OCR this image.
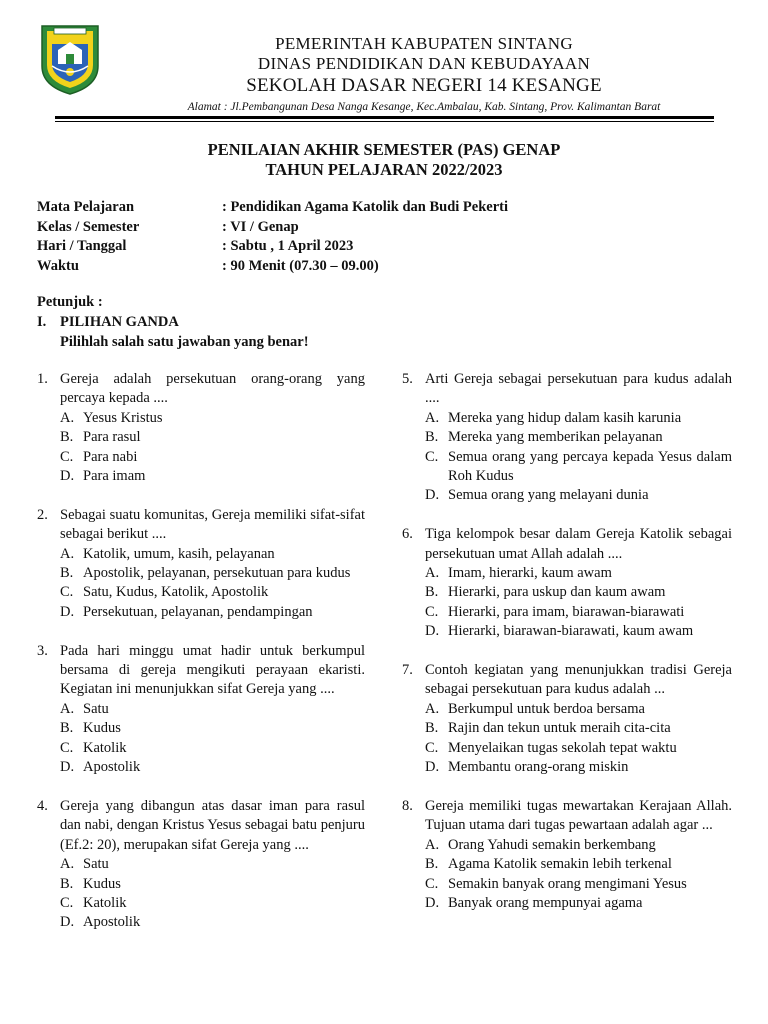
PEMERINTAH KABUPATEN SINTANG
DINAS PENDIDIKAN DAN KEBUDAYAAN
SEKOLAH DASAR NEGERI 14 KESANGE
Alamat : Jl.Pembangunan Desa Nanga Kesange, Kec.Ambalau, Kab. Sintang, Prov. Kalimantan Barat
PENILAIAN AKHIR SEMESTER (PAS) GENAP
TAHUN PELAJARAN 2022/2023
Mata Pelajaran	: Pendidikan Agama Katolik dan Budi Pekerti
Kelas / Semester	: VI / Genap
Hari / Tanggal	: Sabtu , 1 April 2023
Waktu	: 90 Menit (07.30 – 09.00)
Petunjuk :
I. PILIHAN GANDA
Pilihlah salah satu jawaban yang benar!
1. Gereja adalah persekutuan orang-orang yang percaya kepada ....
A. Yesus Kristus
B. Para rasul
C. Para nabi
D. Para imam
2. Sebagai suatu komunitas, Gereja memiliki sifat-sifat sebagai berikut ....
A. Katolik, umum, kasih, pelayanan
B. Apostolik, pelayanan, persekutuan para kudus
C. Satu, Kudus, Katolik, Apostolik
D. Persekutuan, pelayanan, pendampingan
3. Pada hari minggu umat hadir untuk berkumpul bersama di gereja mengikuti perayaan ekaristi. Kegiatan ini menunjukkan sifat Gereja yang ....
A. Satu
B. Kudus
C. Katolik
D. Apostolik
4. Gereja yang dibangun atas dasar iman para rasul dan nabi, dengan Kristus Yesus sebagai batu penjuru (Ef.2: 20), merupakan sifat Gereja yang ....
A. Satu
B. Kudus
C. Katolik
D. Apostolik
5. Arti Gereja sebagai persekutuan para kudus adalah ....
A. Mereka yang hidup dalam kasih karunia
B. Mereka yang memberikan pelayanan
C. Semua orang yang percaya kepada Yesus dalam Roh Kudus
D. Semua orang yang melayani dunia
6. Tiga kelompok besar dalam Gereja Katolik sebagai persekutuan umat Allah adalah ....
A. Imam, hierarki, kaum awam
B. Hierarki, para uskup dan kaum awam
C. Hierarki, para imam, biarawan-biarawati
D. Hierarki, biarawan-biarawati, kaum awam
7. Contoh kegiatan yang menunjukkan tradisi Gereja sebagai persekutuan para kudus adalah ...
A. Berkumpul untuk berdoa bersama
B. Rajin dan tekun untuk meraih cita-cita
C. Menyelaikan tugas sekolah tepat waktu
D. Membantu orang-orang miskin
8. Gereja memiliki tugas mewartakan Kerajaan Allah. Tujuan utama dari tugas pewartaan adalah agar ...
A. Orang Yahudi semakin berkembang
B. Agama Katolik semakin lebih terkenal
C. Semakin banyak orang mengimani Yesus
D. Banyak orang mempunyai agama
